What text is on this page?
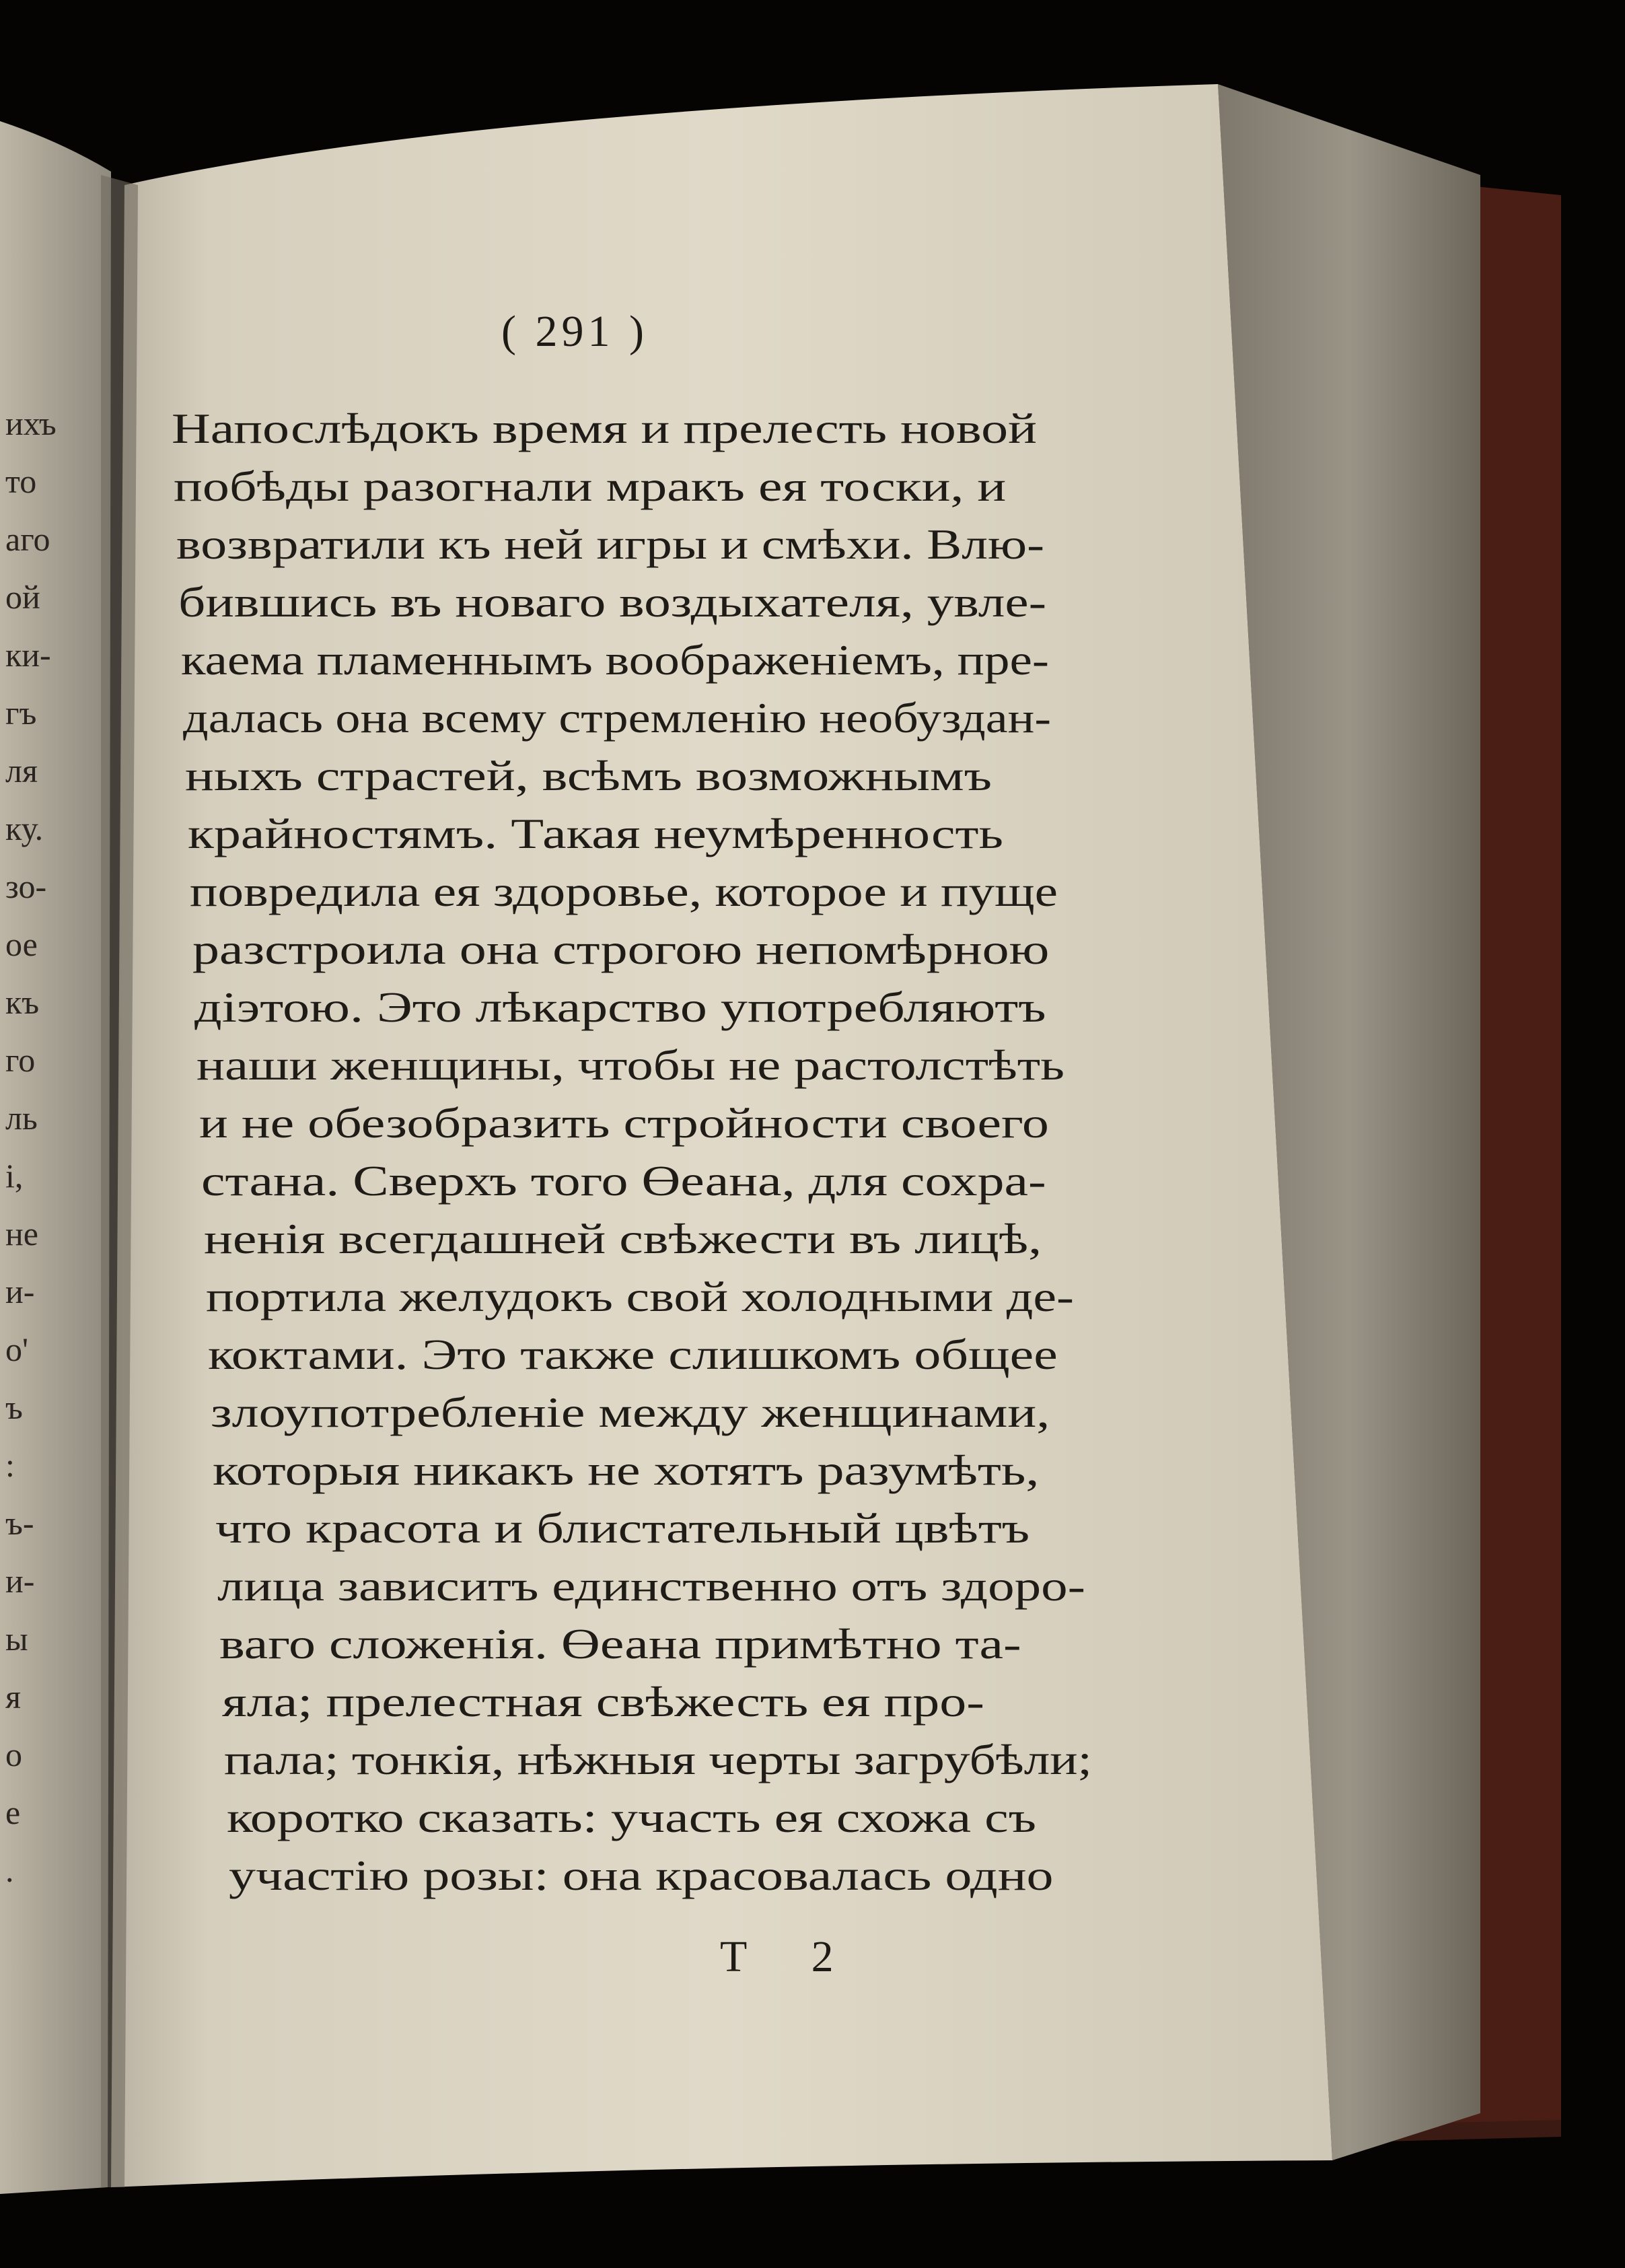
ихъ
то
аго
ой
ки-
гъ
ля
ку.
зо-
ое
къ
го
ль
і,
не
и-
о'
ъ
:
ъ-
и-
ы
я
о
е
.
( 291 )
Напослѣдокъ время и прелесть новой
побѣды разогнали мракъ ея тоски, и
возвратили къ ней игры и смѣхи. Влю-
бившись въ новаго воздыхателя, увле-
каема пламеннымъ воображеніемъ, пре-
далась она всему стремленію необуздан-
ныхъ страстей, всѣмъ возможнымъ
крайностямъ. Такая неумѣренность
повредила ея здоровье, которое и пуще
разстроила она строгою непомѣрною
діэтою. Это лѣкарство употребляютъ
наши женщины, чтобы не растолстѣть
и не обезобразить стройности своего
стана. Сверхъ того Өеана, для сохра-
ненія всегдашней свѣжести въ лицѣ,
портила желудокъ свой холодными де-
коктами. Это также слишкомъ общее
злоупотребленіе между женщинами,
которыя никакъ не хотятъ разумѣть,
что красота и блистательный цвѣтъ
лица зависитъ единственно отъ здоро-
ваго сложенія. Өеана примѣтно та-
яла; прелестная свѣжесть ея про-
пала; тонкія, нѣжныя черты загрубѣли;
коротко сказать: участь ея схожа съ
участію розы: она красовалась одно
T 2
